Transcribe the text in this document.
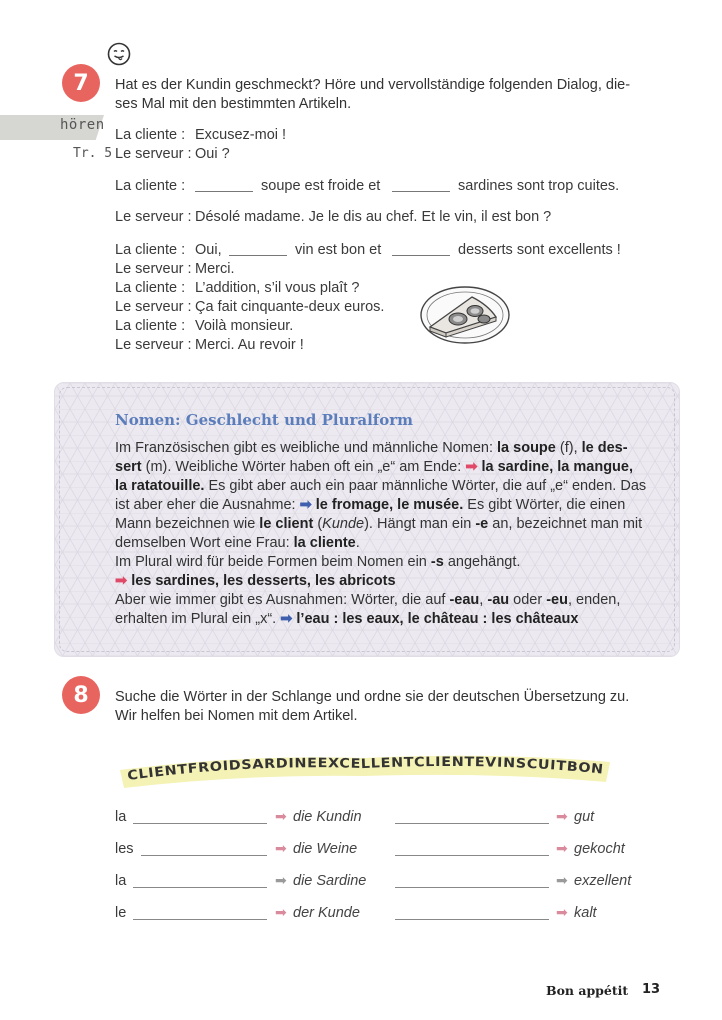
7	Hat es der Kundin geschmeckt? Höre und vervollständige folgenden Dialog, die-
ses Mal mit den bestimmten Artikeln.
hören
Tr. 5
La cliente : Excusez-moi !
Le serveur : Oui ?
La cliente :	soupe est froide et	sardines sont trop cuites.
Le serveur : Désolé madame. Je le dis au chef. Et le vin, il est bon ?
La cliente : Oui,	vin est bon et	desserts sont excellents !
Le serveur : Merci.
La cliente : L’addition, s’il vous plaît ?
Le serveur : Ça fait cinquante-deux euros.
La cliente : Voilà monsieur.
Le serveur : Merci. Au revoir !
Nomen: Geschlecht und Pluralform
Im Französischen gibt es weibliche und männliche Nomen: la soupe (f), le des-
sert (m). Weibliche Wörter haben oft ein „e“ am Ende: ➡ la sardine, la mangue,
la ratatouille. Es gibt aber auch ein paar männliche Wörter, die auf „e“ enden. Das
ist aber eher die Ausnahme: ➡ le fromage, le musée. Es gibt Wörter, die einen
Mann bezeichnen wie le client (Kunde). Hängt man ein -e an, bezeichnet man mit
demselben Wort eine Frau: la cliente.
Im Plural wird für beide Formen beim Nomen ein -s angehängt.
➡ les sardines, les desserts, les abricots
Aber wie immer gibt es Ausnahmen: Wörter, die auf -eau, -au oder -eu, enden,
erhalten im Plural ein „x“. ➡ l’eau : les eaux, le château : les châteaux
8	Suche die Wörter in der Schlange und ordne sie der deutschen Übersetzung zu.
Wir helfen bei Nomen mit dem Artikel.
CLIENTFROIDSARDINEEXCELLENTCLIENTEVINSCUITBON
la	➡ die Kundin	➡ gut
les	➡ die Weine	➡ gekocht
la	➡ die Sardine	➡ exzellent
le	➡ der Kunde	➡ kalt
Bon appétit 13
